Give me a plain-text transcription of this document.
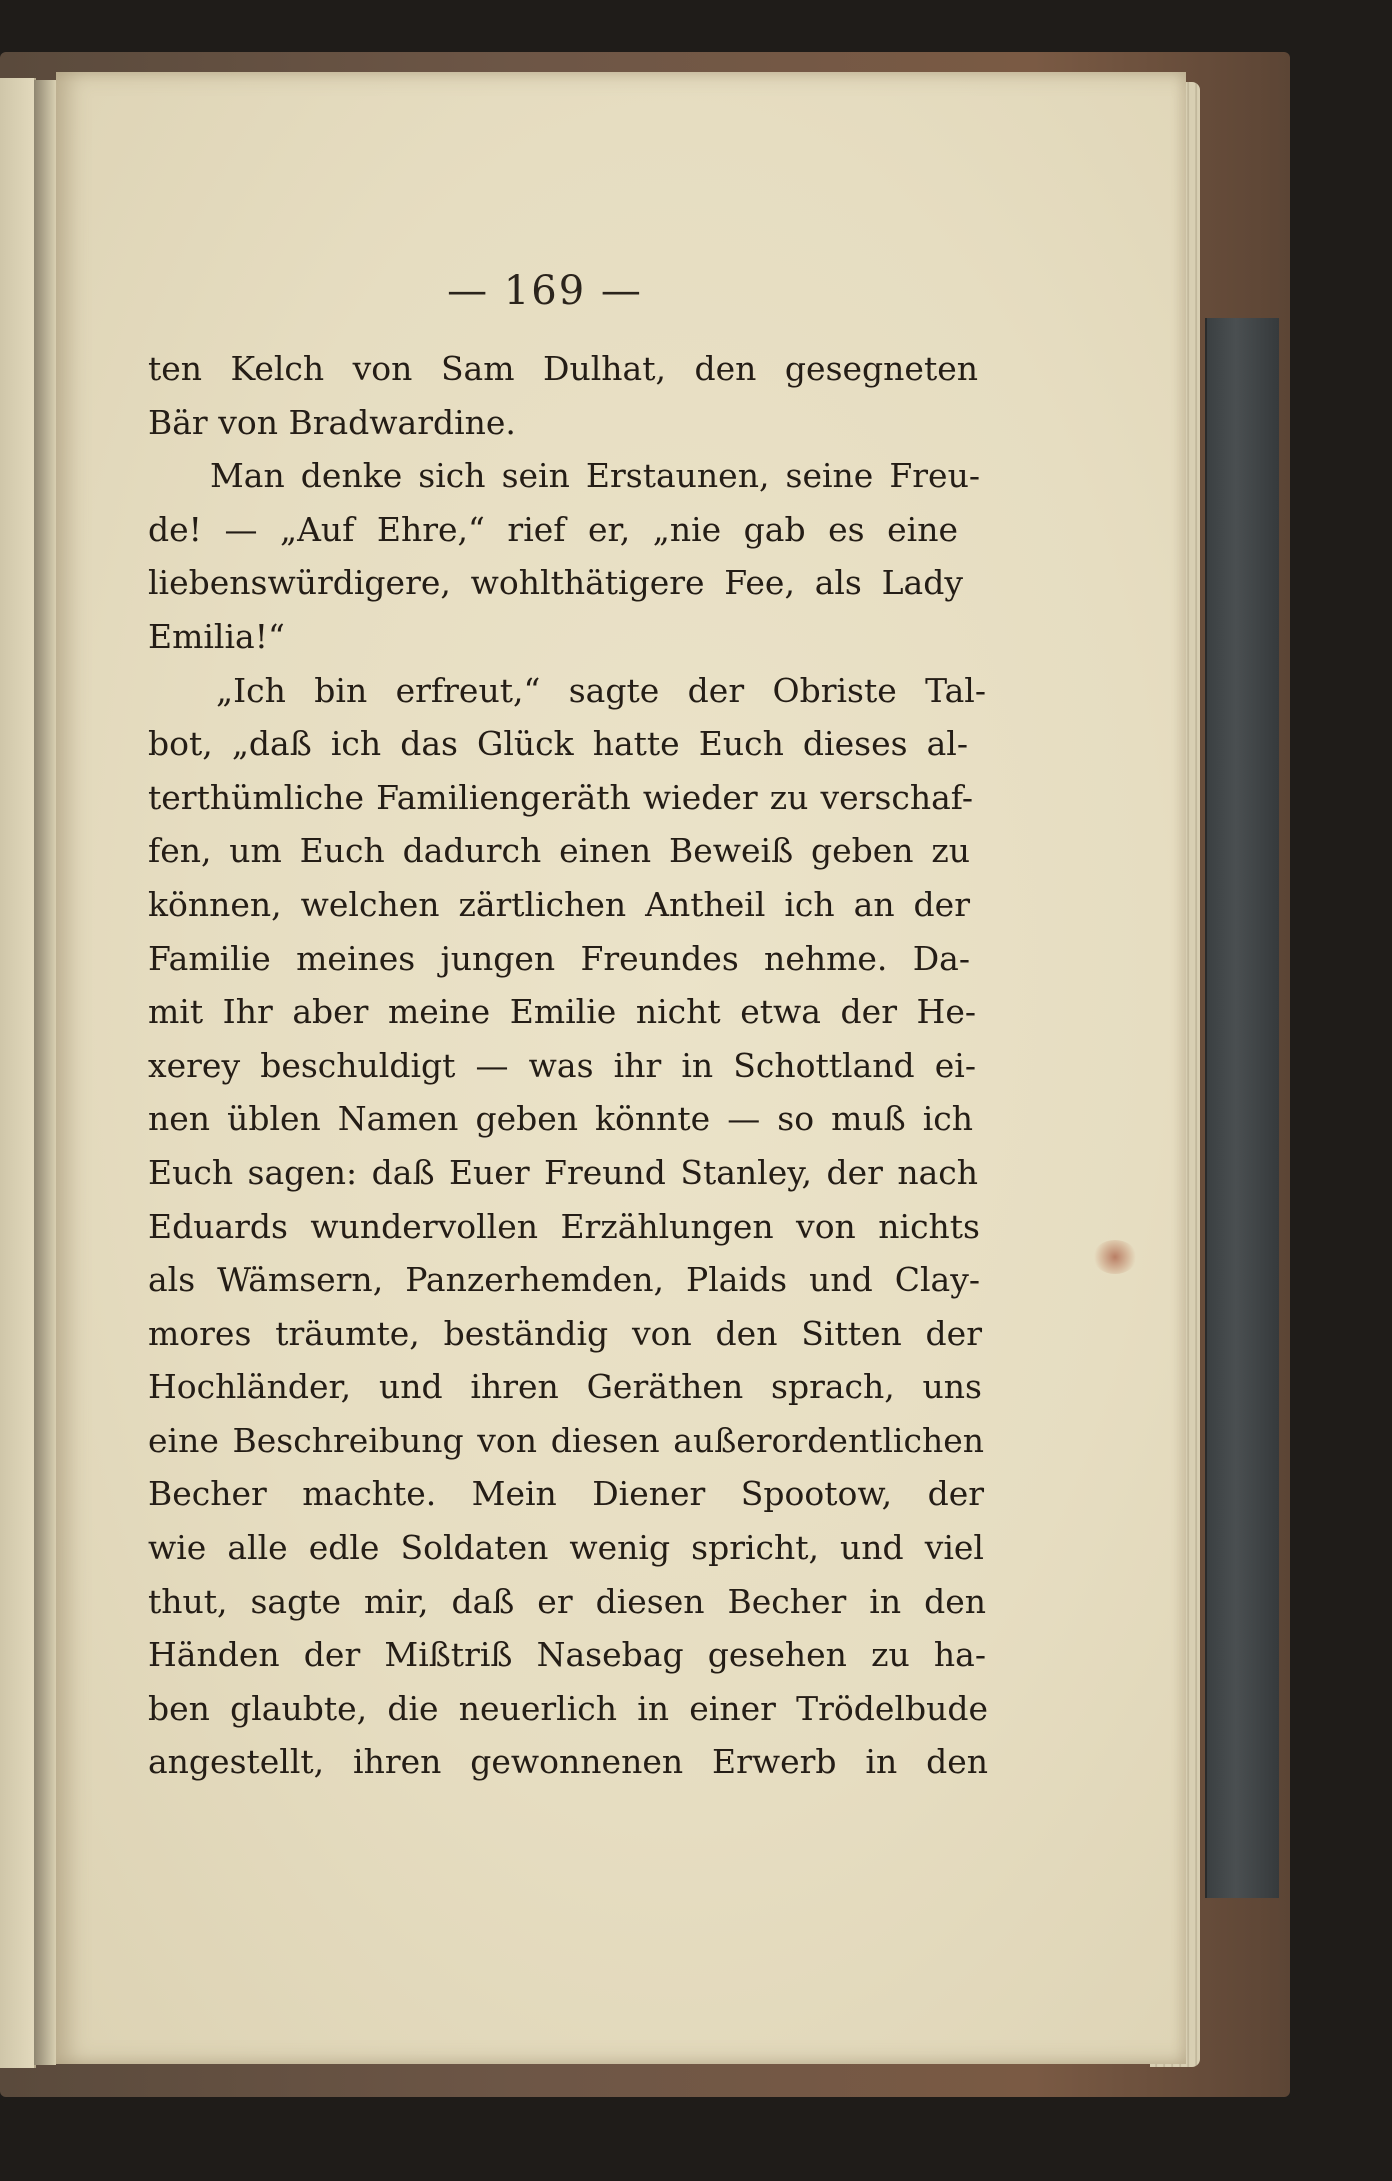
— 169 —
ten Kelch von Sam Dulhat, den gesegneten
Bär von Bradwardine.
Man denke sich sein Erstaunen, seine Freu-
de! — „Auf Ehre,“ rief er, „nie gab es eine
liebenswürdigere, wohlthätigere Fee, als Lady
Emilia!“
„Ich bin erfreut,“ sagte der Obriste Tal-
bot, „daß ich das Glück hatte Euch dieses al-
terthümliche Familiengeräth wieder zu verschaf-
fen, um Euch dadurch einen Beweiß geben zu
können, welchen zärtlichen Antheil ich an der
Familie meines jungen Freundes nehme. Da-
mit Ihr aber meine Emilie nicht etwa der He-
xerey beschuldigt — was ihr in Schottland ei-
nen üblen Namen geben könnte — so muß ich
Euch sagen: daß Euer Freund Stanley, der nach
Eduards wundervollen Erzählungen von nichts
als Wämsern, Panzerhemden, Plaids und Clay-
mores träumte, beständig von den Sitten der
Hochländer, und ihren Geräthen sprach, uns
eine Beschreibung von diesen außerordentlichen
Becher machte. Mein Diener Spootow, der
wie alle edle Soldaten wenig spricht, und viel
thut, sagte mir, daß er diesen Becher in den
Händen der Mißtriß Nasebag gesehen zu ha-
ben glaubte, die neuerlich in einer Trödelbude
angestellt, ihren gewonnenen Erwerb in den
